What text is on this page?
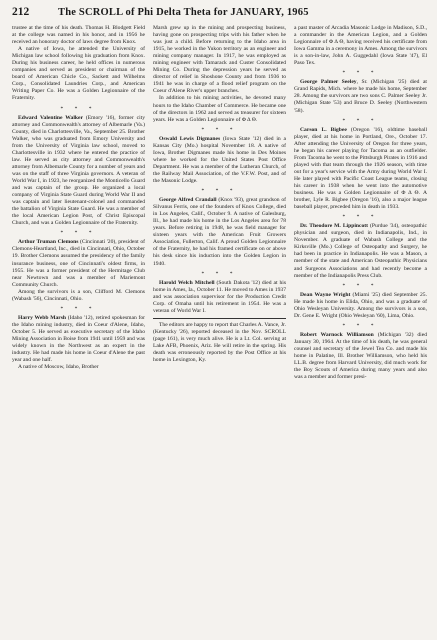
212	The SCROLL of Phi Delta Theta for JANUARY, 1965

trustee at the time of his death. Thomas H. Blodgett Field at the college was named in his honor, and in 1956 he received an honorary doctor of laws degree from Knox.

A native of Iowa, he attended the University of Michigan law school following his graduation from Knox. During his business career, he held offices in numerous companies and served as president or chairman of the board of American Chicle Co., Sackett and Wilhelms Corp., Consolidated Laundries Corp., and American Writing Paper Co. He was a Golden Legionnaire of the Fraternity.

* * *

Edward Valentine Walker (Emory '16), former city attorney and Commonwealth's attorney of Albemarle (Va.) County, died in Charlottesville, Va., September 25. Brother Walker, who was graduated from Emory University and from the University of Virginia law school, moved to Charlottesville in 1932 where he entered the practice of law. He served as city attorney and Commonwealth's attorney from Albemarle County for a number of years and was on the staff of three Virginia governors. A veteran of World War I, in 1923, he reorganized the Monticello Guard and was captain of the group. He organized a local company of Virginia State Guard during World War II and was captain and later lieutenant-colonel and commanded the battalion of Virginia State Guard. He was a member of the local American Legion Post, of Christ Episcopal Church, and was a Golden Legionnaire of the Fraternity.

* * *

Arthur Truman Clemons (Cincinnati '20), president of Clemons-Heartland, Inc., died in Cincinnati, Ohio, October 19. Brother Clemons assumed the presidency of the family insurance business, one of Cincinnati's oldest firms, in 1955. He was a former president of the Hermitage Club near Newtown and was a member of Mariemont Community Church.

Among the survivors is a son, Clifford M. Clemons (Wabash '56), Cincinnati, Ohio.

* * *

Harry Webb Marsh (Idaho '12), retired spokesman for the Idaho mining industry, died in Coeur d'Alene, Idaho, October 5. He served as executive secretary of the Idaho Mining Association in Boise from 1941 until 1959 and was widely known in the Northwest as an expert in the industry. He had made his home in Coeur d'Alene the past year and one half.

A native of Moscow, Idaho, Brother

Marsh grew up in the mining and prospecting business, having gone on prospecting trips with his father when he was just a child. Before returning to the Idaho area in 1915, he worked in the Yukon territory as an engineer and mining company manager. In 1917, he was employed as mining engineer with Tamarack and Custer Consolidated Mining Co. During the depression years he served as director of relief in Shoshone County and from 1936 to 1941 he was in charge of a flood relief program on the Coeur d'Alene River's upper branches.

In addition to his mining activities, he devoted many hours to the Idaho Chamber of Commerce. He became one of the directors in 1962 and served as treasurer for sixteen years. He was a Golden Legionnaire of Φ Δ Θ.

* * *

Oswald Lewis Digmanes (Iowa State '12) died in a Kansas City (Mo.) hospital November 18. A native of Iowa, Brother Digmanes made his home in Des Moines where he worked for the United States Post Office Department. He was a member of the Lutheran Church, of the Railway Mail Association, of the V.F.W. Post, and of the Masonic Lodge.

* * *

George Alfred Crandall (Knox '93), great grandson of Silvanus Ferris, one of the founders of Knox College, died in Los Angeles, Calif., October 9. A native of Galesburg, Ill., he had made his home in the Los Angeles area for 78 years. Before retiring in 1948, he was field manager for sixteen years with the American Fruit Growers Association, Fullerton, Calif. A proud Golden Legionnaire of the Fraternity, he had his framed certificate on or above his desk since his induction into the Golden Legion in 1940.

* * *

Harold Welch Mitchell (South Dakota '12) died at his home in Ames, Ia., October 11. He moved to Ames in 1937 and was association supervisor for the Production Credit Corp. of Omaha until his retirement in 1954. He was a veteran of World War I.

The editors are happy to report that Charles A. Vance, Jr. (Kentucky '26), reported deceased in the Nov. SCROLL (page 161), is very much alive. He is a Lt. Col. serving at Lake AFB, Phoenix, Ariz. He will retire in the spring. His death was erroneously reported by the Post Office at his home in Lexington, Ky.

a past master of Arcadia Masonic Lodge in Madison, S.D., a commander in the American Legion, and a Golden Legionnaire of Φ Δ Θ, having received his certificate from Iowa Gamma in a ceremony in Ames. Among the survivors is a son-in-law, John A. Guggedahl (Iowa State '47), El Paso Tex.

* * *

George Palmer Seeley, Sr. (Michigan '25) died at Grand Rapids, Mich. where he made his home, September 28. Among the survivors are two sons C. Palmer Seeley Jr. (Michigan State '53) and Bruce D. Seeley (Northwestern '58).

* * *

Carson L. Bigbee (Oregon '16), oldtime baseball player, died at his home in Portland, Ore., October 17. After attending the University of Oregon for three years, he began his career playing for Tacoma as an outfielder. From Tacoma he went to the Pittsburgh Pirates in 1916 and played with that team through the 1926 season, with time out for a year's service with the Army during World War I. He later played with Pacific Coast League teams, closing his career in 1938 when he went into the automotive business. He was a Golden Legionnaire of Φ Δ Θ. A brother, Lyle R. Bigbee (Oregon '16), also a major league baseball player, preceded him in death in 1933.

* * *

Dr. Theodore M. Lippincott (Purdue '34), osteopathic physician and surgeon, died in Indianapolis, Ind., in November. A graduate of Wabash College and the Kirksville (Mo.) College of Osteopathy and Surgery, he had been in practice in Indianapolis. He was a Mason, a member of the state and American Osteopathic Physicians and Surgeons Associations and had recently become a member of the Indianapolis Press Club.

* * *

Dean Wayne Wright (Miami '25) died September 25. He made his home in Elida, Ohio, and was a graduate of Ohio Wesleyan University. Among the survivors is a son, Dr. Gene E. Wright (Ohio Wesleyan '60), Lima, Ohio.

* * *

Robert Warnock Williamson (Michigan '32) died January 30, 1964. At the time of his death, he was general counsel and secretary of the Jewel Tea Co. and made his home in Palatine, Ill. Brother Williamson, who held his LL.B. degree from Harvard University, did much work for the Boy Scouts of America during many years and also was a member and former presi-
